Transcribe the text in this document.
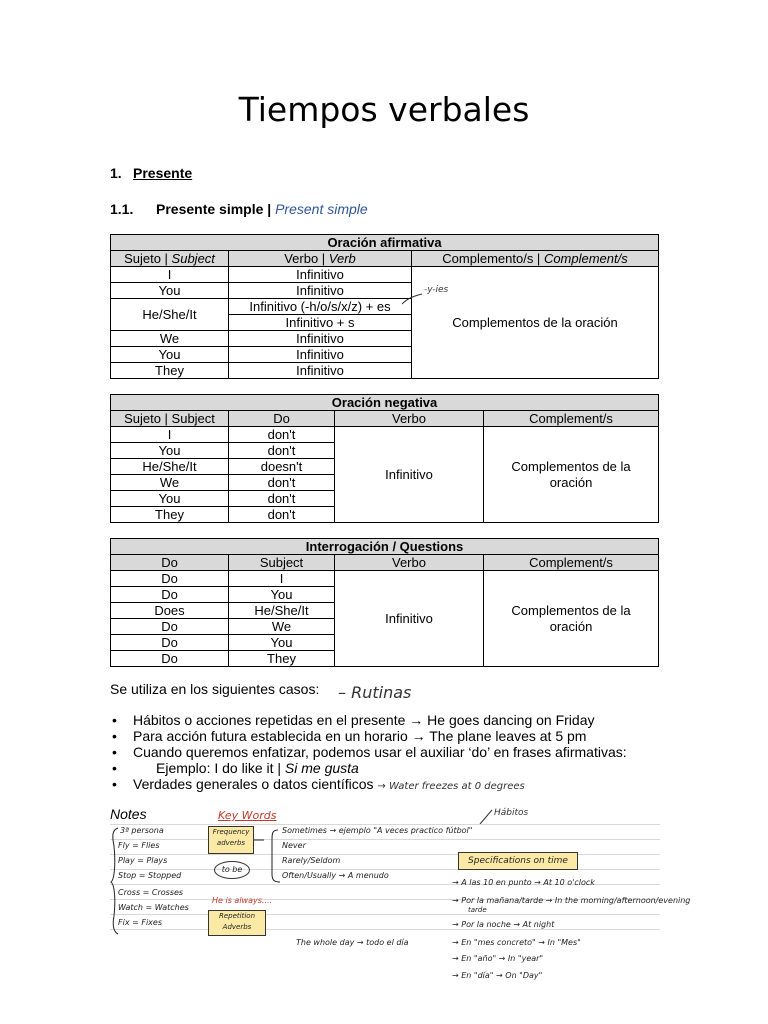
Tiempos verbales
1. Presente
1.1. Presente simple | Present simple
Oración afirmativa		
Sujeto | Subject	Verbo | Verb	Complemento/s | Complement/s
I	Infinitivo	Complementos de la oración
You	Infinitivo	
He/She/It	Infinitivo (-h/o/s/x/z) + es	
	Infinitivo + s	
We	Infinitivo	
You	Infinitivo	
They	Infinitivo	
-y-ies
Oración negativa			
Sujeto | Subject	Do	Verbo	Complement/s
I	don't	Infinitivo	Complementos de la oración
You	don't		
He/She/It	doesn't		
We	don't		
You	don't		
They	don't		
Interrogación / Questions			
Do	Subject	Verbo	Complement/s
Do	I	Infinitivo	Complementos de la oración
Do	You		
Does	He/She/It		
Do	We		
Do	You		
Do	They		
Se utiliza en los siguientes casos: – Rutinas
• Hábitos o acciones repetidas en el presente → He goes dancing on Friday
• Para acción futura establecida en un horario → The plane leaves at 5 pm
• Cuando queremos enfatizar, podemos usar el auxiliar ‘do’ en frases afirmativas:
• Ejemplo: I do like it | Si me gusta
• Verdades generales o datos científicos → Water freezes at 0 degrees
Notes	Key Words	Hábitos
3ª persona
Fly = Flies
Play = Plays
Stop = Stopped
Cross = Crosses
Watch = Watches
Fix = Fixes
Frequency adverbs
to be
He is always....
Repetition Adverbs
Sometimes → ejemplo "A veces practico fútbol"
Never
Rarely/Seldom
Often/Usually → A menudo
Specifications on time
→ A las 10 en punto → At 10 o'clock
→ Por la mañana/tarde → In the morning/afternoon/evening
tarde
→ Por la noche → At night
→ En "mes concreto" → In "Mes"
→ En "año" → In "year"
→ En "día" → On "Day"
The whole day → todo el día
